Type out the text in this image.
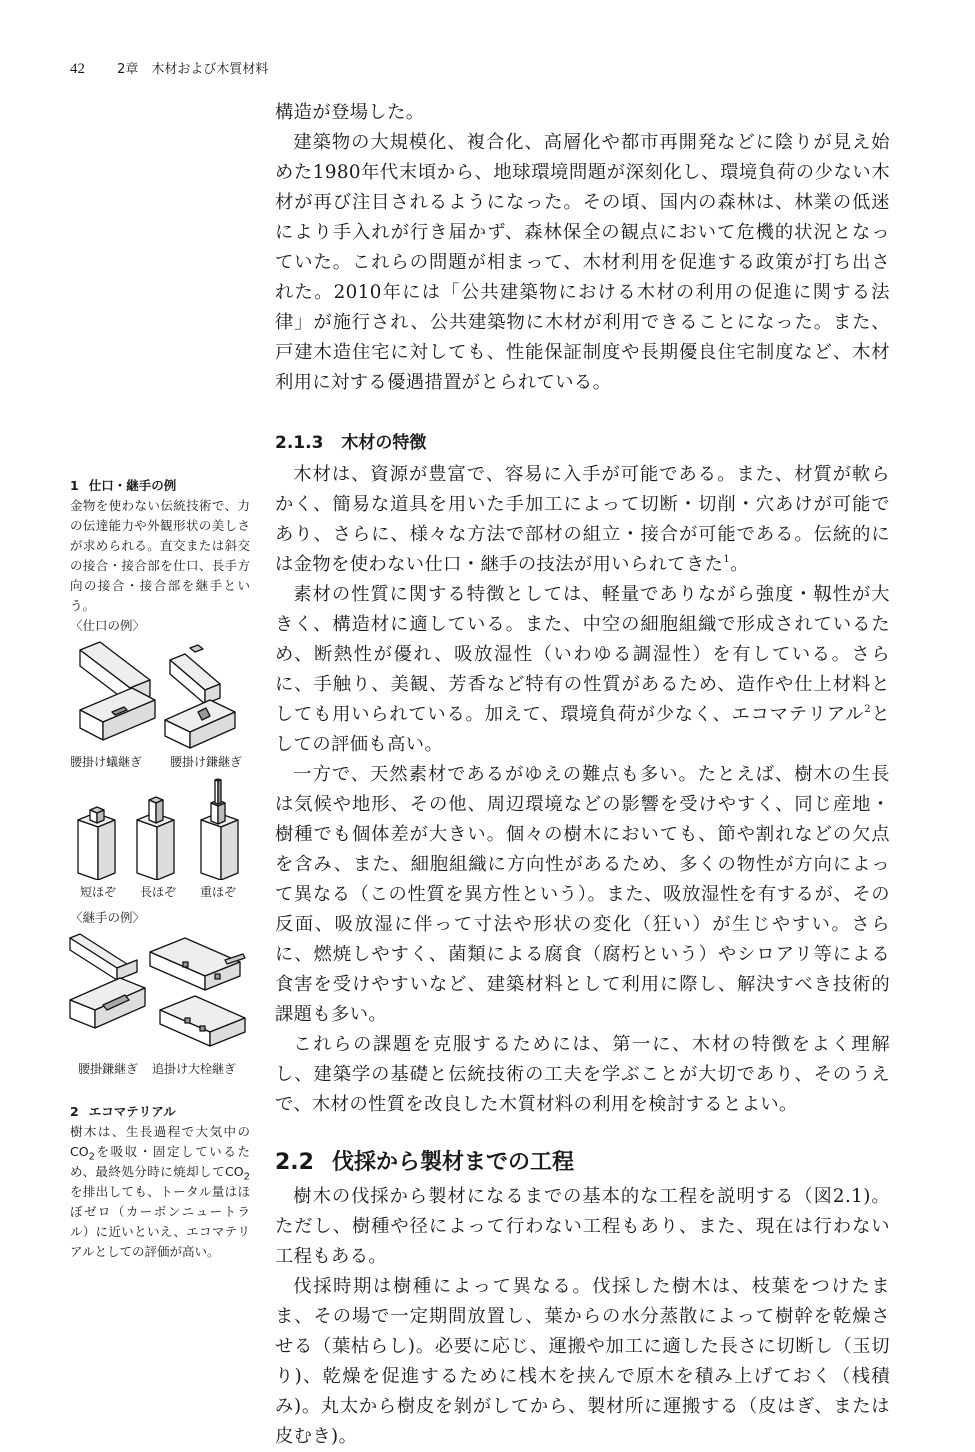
42 2章　木材および木質材料

構造が登場した。

建築物の大規模化、複合化、高層化や都市再開発などに陰りが見え始めた1980年代末頃から、地球環境問題が深刻化し、環境負荷の少ない木材が再び注目されるようになった。その頃、国内の森林は、林業の低迷により手入れが行き届かず、森林保全の観点において危機的状況となっていた。これらの問題が相まって、木材利用を促進する政策が打ち出された。2010年には「公共建築物における木材の利用の促進に関する法律」が施行され、公共建築物に木材が利用できることになった。また、戸建木造住宅に対しても、性能保証制度や長期優良住宅制度など、木材利用に対する優遇措置がとられている。

2.1.3 木材の特徴

木材は、資源が豊富で、容易に入手が可能である。また、材質が軟らかく、簡易な道具を用いた手加工によって切断・切削・穴あけが可能であり、さらに、様々な方法で部材の組立・接合が可能である。伝統的には金物を使わない仕口・継手の技法が用いられてきた$^1$。

素材の性質に関する特徴としては、軽量でありながら強度・靱性が大きく、構造材に適している。また、中空の細胞組織で形成されているため、断熱性が優れ、吸放湿性（いわゆる調湿性）を有している。さらに、手触り、美観、芳香など特有の性質があるため、造作や仕上材料としても用いられている。加えて、環境負荷が少なく、エコマテリアル$^2$としての評価も高い。

一方で、天然素材であるがゆえの難点も多い。たとえば、樹木の生長は気候や地形、その他、周辺環境などの影響を受けやすく、同じ産地・樹種でも個体差が大きい。個々の樹木においても、節や割れなどの欠点を含み、また、細胞組織に方向性があるため、多くの物性が方向によって異なる（この性質を異方性という）。また、吸放湿性を有するが、その反面、吸放湿に伴って寸法や形状の変化（狂い）が生じやすい。さらに、燃焼しやすく、菌類による腐食（腐朽という）やシロアリ等による食害を受けやすいなど、建築材料として利用に際し、解決すべき技術的課題も多い。

これらの課題を克服するためには、第一に、木材の特徴をよく理解し、建築学の基礎と伝統技術の工夫を学ぶことが大切であり、そのうえで、木材の性質を改良した木質材料の利用を検討するとよい。

2.2 伐採から製材までの工程

樹木の伐採から製材になるまでの基本的な工程を説明する（図2.1)。ただし、樹種や径によって行わない工程もあり、また、現在は行わない工程もある。

伐採時期は樹種によって異なる。伐採した樹木は、枝葉をつけたまま、その場で一定期間放置し、葉からの水分蒸散によって樹幹を乾燥させる（葉枯らし)。必要に応じ、運搬や加工に適した長さに切断し（玉切り)、乾燥を促進するために桟木を挟んで原木を積み上げておく（桟積み)。丸太から樹皮を剝がしてから、製材所に運搬する（皮はぎ、または皮むき)。

1 仕口・継手の例
金物を使わない伝統技術で、力の伝達能力や外観形状の美しさが求められる。直交または斜交の接合・接合部を仕口、長手方向の接合・接合部を継手という。
〈仕口の例〉
腰掛け蟻継ぎ 腰掛け鎌継ぎ
短ほぞ 長ほぞ 重ほぞ
〈継手の例〉
腰掛鎌継ぎ 追掛け大栓継ぎ
2 エコマテリアル
樹木は、生長過程で大気中の$CO_2$を吸収・固定しているため、最終処分時に焼却して$CO_2$を排出しても、トータル量はほぼゼロ（カーボンニュートラル）に近いといえ、エコマテリアルとしての評価が高い。
